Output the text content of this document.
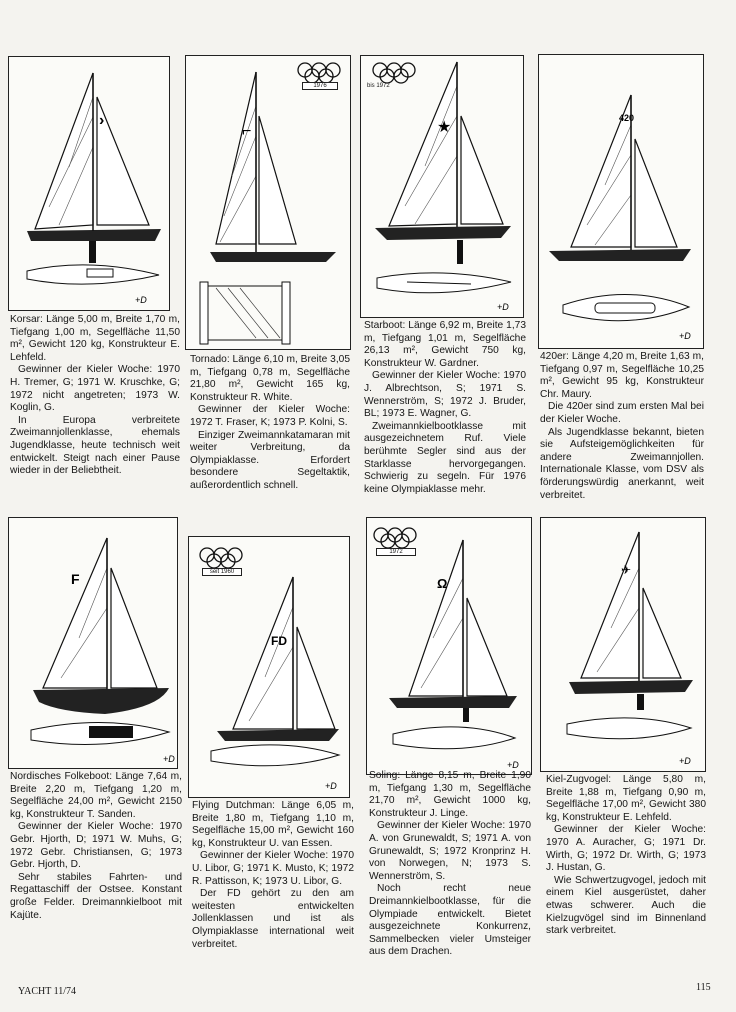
›
+D
⌐	★
+D
420
+D
1976	bis 1972

Korsar: Länge 5,00 m, Breite 1,70 m, Tiefgang 1,00 m, Segelfläche 11,50 m², Gewicht 120 kg, Konstrukteur E. Lehfeld.

Gewinner der Kieler Woche: 1970 H. Tremer, G; 1971 W. Kruschke, G; 1972 nicht angetreten; 1973 W. Koglin, G.

In Europa verbreitete Zweimannjollenklasse, ehemals Jugendklasse, heute technisch weit entwickelt. Steigt nach einer Pause wieder in der Beliebtheit.

Tornado: Länge 6,10 m, Breite 3,05 m, Tiefgang 0,78 m, Segelfläche 21,80 m², Gewicht 165 kg, Konstrukteur R. White.

Gewinner der Kieler Woche: 1972 T. Fraser, K; 1973 P. Kolni, S.

Einziger Zweimannkatamaran mit weiter Verbreitung, da Olympiaklasse. Erfordert besondere Segeltaktik, außerordentlich schnell.

Starboot: Länge 6,92 m, Breite 1,73 m, Tiefgang 1,01 m, Segelfläche 26,13 m², Gewicht 750 kg, Konstrukteur W. Gardner.

Gewinner der Kieler Woche: 1970 J. Albrechtson, S; 1971 S. Wennerström, S; 1972 J. Bruder, BL; 1973 E. Wagner, G.

Zweimannkielbootklasse mit ausgezeichnetem Ruf. Viele berühmte Segler sind aus der Starklasse hervorgegangen. Schwierig zu segeln. Für 1976 keine Olympiaklasse mehr.

420er: Länge 4,20 m, Breite 1,63 m, Tiefgang 0,97 m, Segelfläche 10,25 m², Gewicht 95 kg, Konstrukteur Chr. Maury.

Die 420er sind zum ersten Mal bei der Kieler Woche.

Als Jugendklasse bekannt, bieten sie Aufsteigemöglichkeiten für andere Zweimannjollen. Internationale Klasse, vom DSV als förderungswürdig anerkannt, weit verbreitet.

F
+D
FD
+D
Ω
+D
✈
+D
seit 1960
1972

Nordisches Folkeboot: Länge 7,64 m, Breite 2,20 m, Tiefgang 1,20 m, Segelfläche 24,00 m², Gewicht 2150 kg, Konstrukteur T. Sanden.

Gewinner der Kieler Woche: 1970 Gebr. Hjorth, D; 1971 W. Muhs, G; 1972 Gebr. Christiansen, G; 1973 Gebr. Hjorth, D.

Sehr stabiles Fahrten- und Regattaschiff der Ostsee. Konstant große Felder. Dreimannkielboot mit Kajüte.

Flying Dutchman: Länge 6,05 m, Breite 1,80 m, Tiefgang 1,10 m, Segelfläche 15,00 m², Gewicht 160 kg, Konstrukteur U. van Essen.

Gewinner der Kieler Woche: 1970 U. Libor, G; 1971 K. Musto, K; 1972 R. Pattisson, K; 1973 U. Libor, G.

Der FD gehört zu den am weitesten entwickelten Jollenklassen und ist als Olympiaklasse international weit verbreitet.

Soling: Länge 8,15 m, Breite 1,90 m, Tiefgang 1,30 m, Segelfläche 21,70 m², Gewicht 1000 kg, Konstrukteur J. Linge.

Gewinner der Kieler Woche: 1970 A. von Grunewaldt, S; 1971 A. von Grunewaldt, S; 1972 Kronprinz H. von Norwegen, N; 1973 S. Wennerström, S.

Noch recht neue Dreimannkielbootklasse, für die Olympiade entwickelt. Bietet ausgezeichnete Konkurrenz, Sammelbecken vieler Umsteiger aus dem Drachen.

Kiel-Zugvogel: Länge 5,80 m, Breite 1,88 m, Tiefgang 0,90 m, Segelfläche 17,00 m², Gewicht 380 kg, Konstrukteur E. Lehfeld.

Gewinner der Kieler Woche: 1970 A. Auracher, G; 1971 Dr. Wirth, G; 1972 Dr. Wirth, G; 1973 J. Hustan, G.

Wie Schwertzugvogel, jedoch mit einem Kiel ausgerüstet, daher etwas schwerer. Auch die Kielzugvögel sind im Binnenland stark verbreitet.

YACHT 11/74	115
